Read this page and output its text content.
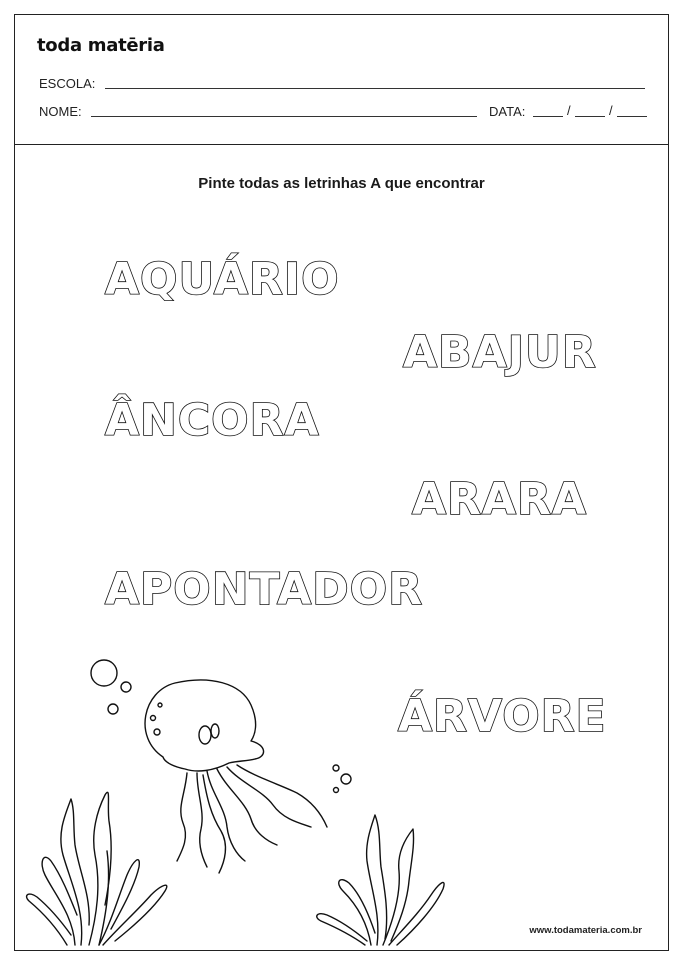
toda matēria
ESCOLA:
NOME:	DATA:	/	/
Pinte todas as letrinhas A que encontrar
AQUÁRIO
ABAJUR
ÂNCORA
ARARA
APONTADOR
ÁRVORE
www.todamateria.com.br
